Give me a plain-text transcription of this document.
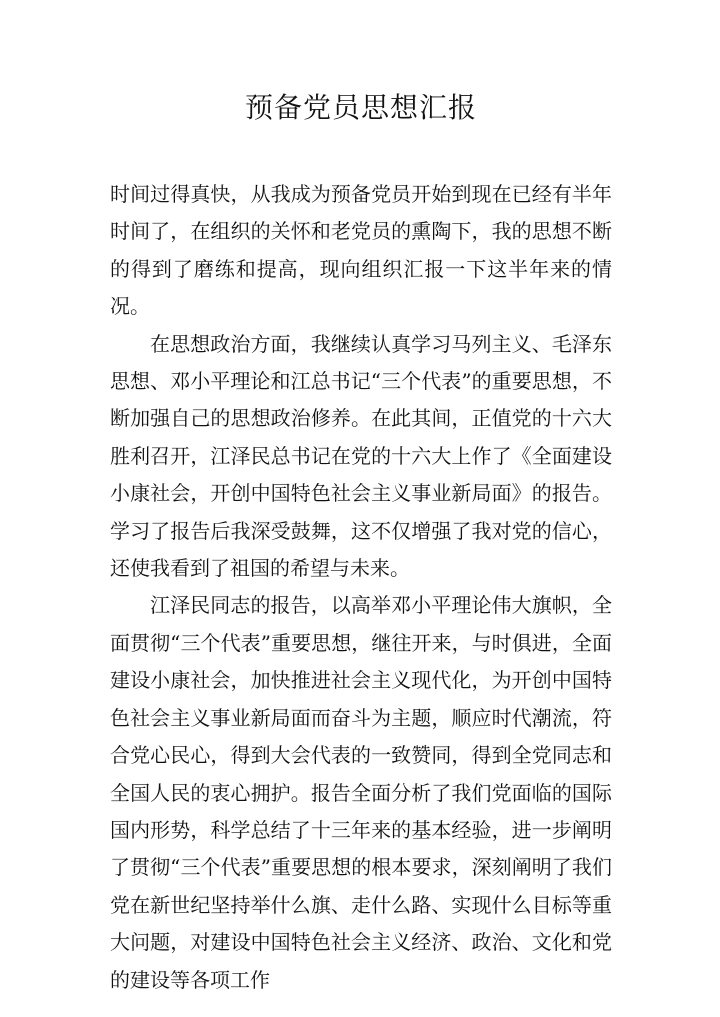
预备党员思想汇报

时间过得真快，从我成为预备党员开始到现在已经有半年时间了，在组织的关怀和老党员的熏陶下，我的思想不断的得到了磨练和提高，现向组织汇报一下这半年来的情况。

在思想政治方面，我继续认真学习马列主义、毛泽东思想、邓小平理论和江总书记“三个代表”的重要思想，不断加强自己的思想政治修养。在此其间，正值党的十六大胜利召开，江泽民总书记在党的十六大上作了《全面建设小康社会，开创中国特色社会主义事业新局面》的报告。学习了报告后我深受鼓舞，这不仅增强了我对党的信心，还使我看到了祖国的希望与未来。

江泽民同志的报告，以高举邓小平理论伟大旗帜，全面贯彻“三个代表”重要思想，继往开来，与时俱进，全面建设小康社会，加快推进社会主义现代化，为开创中国特色社会主义事业新局面而奋斗为主题，顺应时代潮流，符合党心民心，得到大会代表的一致赞同，得到全党同志和全国人民的衷心拥护。报告全面分析了我们党面临的国际国内形势，科学总结了十三年来的基本经验，进一步阐明了贯彻“三个代表”重要思想的根本要求，深刻阐明了我们党在新世纪坚持举什么旗、走什么路、实现什么目标等重大问题，对建设中国特色社会主义经济、政治、文化和党的建设等各项工作
